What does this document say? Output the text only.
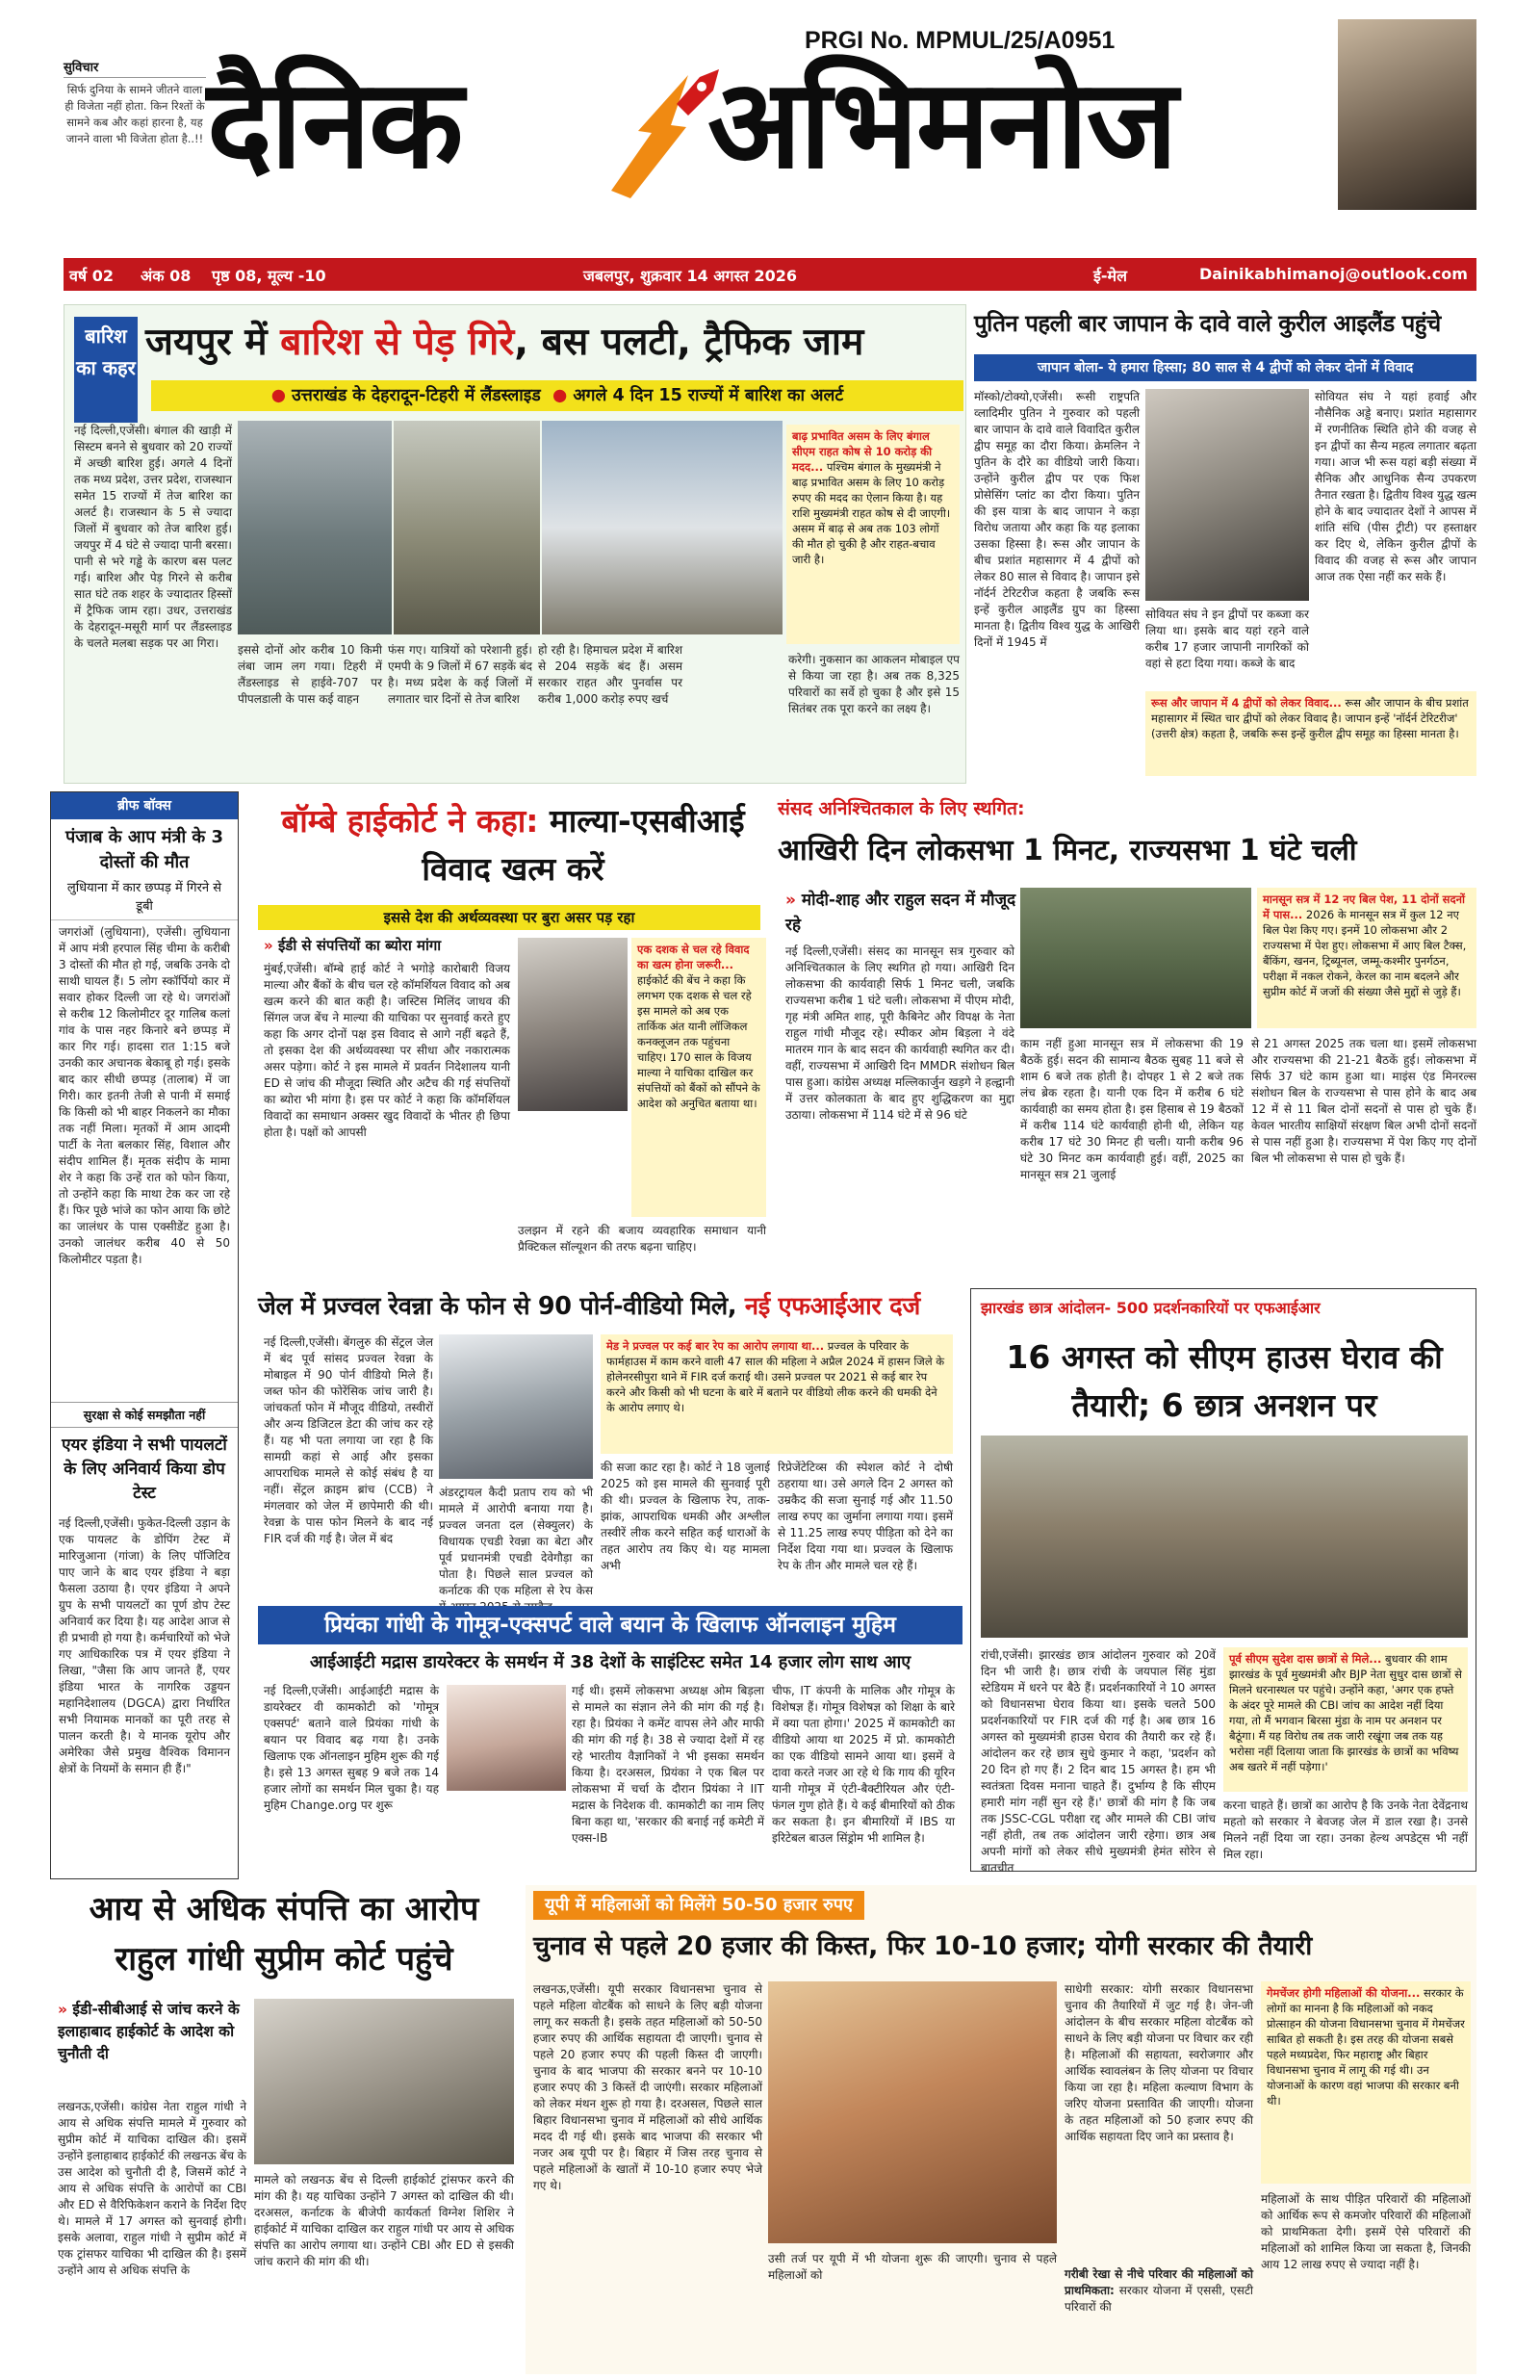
सुविचार
सिर्फ दुनिया के सामने जीतने वाला ही विजेता नहीं होता. किन रिश्तों के सामने कब और कहां हारना है, यह जानने वाला भी विजेता होता है..!!
PRGI No. MPMUL/25/A0951
दैनिक अभिमनोज
वर्ष 02 अंक 08 पृष्ठ 08, मूल्य -10	जबलपुर, शुक्रवार 14 अगस्त 2026	ई-मेल	Dainikabhimanoj@outlook.com
बारिश का कहर
जयपुर में बारिश से पेड़ गिरे, बस पलटी, ट्रैफिक जाम
● उत्तराखंड के देहरादून-टिहरी में लैंडस्लाइड ● अगले 4 दिन 15 राज्यों में बारिश का अलर्ट
नई दिल्ली,एजेंसी। बंगाल की खाड़ी में सिस्टम बनने से बुधवार को 20 राज्यों में अच्छी बारिश हुई। अगले 4 दिनों तक मध्य प्रदेश, उत्तर प्रदेश, राजस्थान समेत 15 राज्यों में तेज बारिश का अलर्ट है। राजस्थान के 5 से ज्यादा जिलों में बुधवार को तेज बारिश हुई। जयपुर में 4 घंटे से ज्यादा पानी बरसा। पानी से भरे गड्ढे के कारण बस पलट गई। बारिश और पेड़ गिरने से करीब सात घंटे तक शहर के ज्यादातर हिस्सों में ट्रैफिक जाम रहा। उधर, उत्तराखंड के देहरादून-मसूरी मार्ग पर लैंडस्लाइड के चलते मलबा सड़क पर आ गिरा।	इससे दोनों ओर करीब 10 किमी लंबा जाम लग गया। टिहरी में लैंडस्लाइड से हाईवे-707 पर पीपलडाली के पास कई वाहन
फंस गए। यात्रियों को परेशानी हुई। एमपी के 9 जिलों में 67 सड़कें बंद है। मध्य प्रदेश के कई जिलों में लगातार चार दिनों से तेज बारिश
हो रही है। हिमाचल प्रदेश में बारिश से 204 सड़कें बंद हैं। असम सरकार राहत और पुनर्वास पर करीब 1,000 करोड़ रुपए खर्च
बाढ़ प्रभावित असम के लिए बंगाल सीएम राहत कोष से 10 करोड़ की मदद... पश्चिम बंगाल के मुख्यमंत्री ने बाढ़ प्रभावित असम के लिए 10 करोड़ रुपए की मदद का ऐलान किया है। यह राशि मुख्यमंत्री राहत कोष से दी जाएगी। असम में बाढ़ से अब तक 103 लोगों की मौत हो चुकी है और राहत-बचाव जारी है।
करेगी। नुकसान का आकलन मोबाइल एप से किया जा रहा है। अब तक 8,325 परिवारों का सर्वे हो चुका है और इसे 15 सितंबर तक पूरा करने का लक्ष्य है।
पुतिन पहली बार जापान के दावे वाले कुरील आइलैंड पहुंचे
जापान बोला- ये हमारा हिस्सा; 80 साल से 4 द्वीपों को लेकर दोनों में विवाद
मॉस्को/टोक्यो,एजेंसी। रूसी राष्ट्रपति व्लादिमीर पुतिन ने गुरुवार को पहली बार जापान के दावे वाले विवादित कुरील द्वीप समूह का दौरा किया। क्रेमलिन ने पुतिन के दौरे का वीडियो जारी किया। उन्होंने कुरील द्वीप पर एक फिश प्रोसेसिंग प्लांट का दौरा किया। पुतिन की इस यात्रा के बाद जापान ने कड़ा विरोध जताया और कहा कि यह इलाका उसका हिस्सा है। रूस और जापान के बीच प्रशांत महासागर में 4 द्वीपों को लेकर 80 साल से विवाद है। जापान इसे नॉर्दर्न टेरिटरीज कहता है जबकि रूस इन्हें कुरील आइलैंड ग्रुप का हिस्सा मानता है। द्वितीय विश्व युद्ध के आखिरी दिनों में 1945 में
सोवियत संघ ने इन द्वीपों पर कब्जा कर लिया था। इसके बाद यहां रहने वाले करीब 17 हजार जापानी नागरिकों को वहां से हटा दिया गया। कब्जे के बाद
सोवियत संघ ने यहां हवाई और नौसैनिक अड्डे बनाए। प्रशांत महासागर में रणनीतिक स्थिति होने की वजह से इन द्वीपों का सैन्य महत्व लगातार बढ़ता गया। आज भी रूस यहां बड़ी संख्या में सैनिक और आधुनिक सैन्य उपकरण तैनात रखता है। द्वितीय विश्व युद्ध खत्म होने के बाद ज्यादातर देशों ने आपस में शांति संधि (पीस ट्रीटी) पर हस्ताक्षर कर दिए थे, लेकिन कुरील द्वीपों के विवाद की वजह से रूस और जापान आज तक ऐसा नहीं कर सके हैं।
रूस और जापान में 4 द्वीपों को लेकर विवाद... रूस और जापान के बीच प्रशांत महासागर में स्थित चार द्वीपों को लेकर विवाद है। जापान इन्हें 'नॉर्दर्न टेरिटरीज' (उत्तरी क्षेत्र) कहता है, जबकि रूस इन्हें कुरील द्वीप समूह का हिस्सा मानता है।
ब्रीफ बॉक्स
पंजाब के आप मंत्री के 3 दोस्तों की मौत
लुधियाना में कार छप्पड़ में गिरने से डूबी
जगरांओं (लुधियाना), एजेंसी। लुधियाना में आप मंत्री हरपाल सिंह चीमा के करीबी 3 दोस्तों की मौत हो गई, जबकि उनके दो साथी घायल हैं। 5 लोग स्कॉर्पियो कार में सवार होकर दिल्ली जा रहे थे। जगरांओं से करीब 12 किलोमीटर दूर गालिब कलां गांव के पास नहर किनारे बने छप्पड़ में कार गिर गई। हादसा रात 1:15 बजे उनकी कार अचानक बेकाबू हो गई। इसके बाद कार सीधी छप्पड़ (तालाब) में जा गिरी। कार इतनी तेजी से पानी में समाई कि किसी को भी बाहर निकलने का मौका तक नहीं मिला। मृतकों में आम आदमी पार्टी के नेता बलकार सिंह, विशाल और संदीप शामिल हैं। मृतक संदीप के मामा शेर ने कहा कि उन्हें रात को फोन किया, तो उन्होंने कहा कि माथा टेक कर जा रहे हैं। फिर पूछे भांजे का फोन आया कि छोटे का जालंधर के पास एक्सीडेंट हुआ है। उनको जालंधर करीब 40 से 50 किलोमीटर पड़ता है।
सुरक्षा से कोई समझौता नहीं
एयर इंडिया ने सभी पायलटों के लिए अनिवार्य किया डोप टेस्ट
नई दिल्ली,एजेंसी। फुकेत-दिल्ली उड़ान के एक पायलट के डोपिंग टेस्ट में मारिजुआना (गांजा) के लिए पॉजिटिव पाए जाने के बाद एयर इंडिया ने बड़ा फैसला उठाया है। एयर इंडिया ने अपने ग्रुप के सभी पायलटों का पूर्ण डोप टेस्ट अनिवार्य कर दिया है। यह आदेश आज से ही प्रभावी हो गया है। कर्मचारियों को भेजे गए आधिकारिक पत्र में एयर इंडिया ने लिखा, "जैसा कि आप जानते हैं, एयर इंडिया भारत के नागरिक उड्डयन महानिदेशालय (DGCA) द्वारा निर्धारित सभी नियामक मानकों का पूरी तरह से पालन करती है। ये मानक यूरोप और अमेरिका जैसे प्रमुख वैश्विक विमानन क्षेत्रों के नियमों के समान ही हैं।"
बॉम्बे हाईकोर्ट ने कहा: माल्या-एसबीआई विवाद खत्म करें
इससे देश की अर्थव्यवस्था पर बुरा असर पड़ रहा
» ईडी से संपत्तियों का ब्योरा मांगा
मुंबई,एजेंसी। बॉम्बे हाई कोर्ट ने भगोड़े कारोबारी विजय माल्या और बैंकों के बीच चल रहे कॉमर्शियल विवाद को अब खत्म करने की बात कही है। जस्टिस मिलिंद जाधव की सिंगल जज बेंच ने माल्या की याचिका पर सुनवाई करते हुए कहा कि अगर दोनों पक्ष इस विवाद से आगे नहीं बढ़ते हैं, तो इसका देश की अर्थव्यवस्था पर सीधा और नकारात्मक असर पड़ेगा। कोर्ट ने इस मामले में प्रवर्तन निदेशालय यानी ED से जांच की मौजूदा स्थिति और अटैच की गई संपत्तियों का ब्योरा भी मांगा है। इस पर कोर्ट ने कहा कि कॉमर्शियल विवादों का समाधान अक्सर खुद विवादों के भीतर ही छिपा होता है। पक्षों को आपसी
एक दशक से चल रहे विवाद का खत्म होना जरूरी... हाईकोर्ट की बेंच ने कहा कि लगभग एक दशक से चल रहे इस मामले को अब एक तार्किक अंत यानी लॉजिकल कनक्लूजन तक पहुंचना चाहिए। 170 साल के विजय माल्या ने याचिका दाखिल कर संपत्तियों को बैंकों को सौंपने के आदेश को अनुचित बताया था।
उलझन में रहने की बजाय व्यवहारिक समाधान यानी प्रैक्टिकल सॉल्यूशन की तरफ बढ़ना चाहिए।
संसद अनिश्चितकाल के लिए स्थगित:
आखिरी दिन लोकसभा 1 मिनट, राज्यसभा 1 घंटे चली
» मोदी-शाह और राहुल सदन में मौजूद रहे
नई दिल्ली,एजेंसी। संसद का मानसून सत्र गुरुवार को अनिश्चितकाल के लिए स्थगित हो गया। आखिरी दिन लोकसभा की कार्यवाही सिर्फ 1 मिनट चली, जबकि राज्यसभा करीब 1 घंटे चली। लोकसभा में पीएम मोदी, गृह मंत्री अमित शाह, पूरी कैबिनेट और विपक्ष के नेता राहुल गांधी मौजूद रहे। स्पीकर ओम बिड़ला ने वंदे मातरम गान के बाद सदन की कार्यवाही स्थगित कर दी। वहीं, राज्यसभा में आखिरी दिन MMDR संशोधन बिल पास हुआ। कांग्रेस अध्यक्ष मल्लिकार्जुन खड़गे ने हल्द्वानी में उत्तर कोलकाता के बाद हुए शुद्धिकरण का मुद्दा उठाया। लोकसभा में 114 घंटे में से 96 घंटे
मानसून सत्र में 12 नए बिल पेश, 11 दोनों सदनों में पास... 2026 के मानसून सत्र में कुल 12 नए बिल पेश किए गए। इनमें 10 लोकसभा और 2 राज्यसभा में पेश हुए। लोकसभा में आए बिल टैक्स, बैंकिंग, खनन, ट्रिब्यूनल, जम्मू-कश्मीर पुनर्गठन, परीक्षा में नकल रोकने, केरल का नाम बदलने और सुप्रीम कोर्ट में जजों की संख्या जैसे मुद्दों से जुड़े हैं।
काम नहीं हुआ मानसून सत्र में लोकसभा की 19 बैठकें हुई। सदन की सामान्य बैठक सुबह 11 बजे से शाम 6 बजे तक होती है। दोपहर 1 से 2 बजे तक लंच ब्रेक रहता है। यानी एक दिन में करीब 6 घंटे कार्यवाही का समय होता है। इस हिसाब से 19 बैठकों में करीब 114 घंटे कार्यवाही होनी थी, लेकिन यह करीब 17 घंटे 30 मिनट ही चली। यानी करीब 96 घंटे 30 मिनट कम कार्यवाही हुई। वहीं, 2025 का मानसून सत्र 21 जुलाई
से 21 अगस्त 2025 तक चला था। इसमें लोकसभा और राज्यसभा की 21-21 बैठकें हुई। लोकसभा में सिर्फ 37 घंटे काम हुआ था। माइंस एंड मिनरल्स संशोधन बिल के राज्यसभा से पास होने के बाद अब 12 में से 11 बिल दोनों सदनों से पास हो चुके हैं। केवल भारतीय साक्षियों संरक्षण बिल अभी दोनों सदनों से पास नहीं हुआ है। राज्यसभा में पेश किए गए दोनों बिल भी लोकसभा से पास हो चुके हैं।
जेल में प्रज्वल रेवन्ना के फोन से 90 पोर्न-वीडियो मिले, नई एफआईआर दर्ज
नई दिल्ली,एजेंसी। बेंगलुरु की सेंट्रल जेल में बंद पूर्व सांसद प्रज्वल रेवन्ना के मोबाइल में 90 पोर्न वीडियो मिले हैं। जब्त फोन की फोरेंसिक जांच जारी है। जांचकर्ता फोन में मौजूद वीडियो, तस्वीरों और अन्य डिजिटल डेटा की जांच कर रहे हैं। यह भी पता लगाया जा रहा है कि सामग्री कहां से आई और इसका आपराधिक मामले से कोई संबंध है या नहीं। सेंट्रल क्राइम ब्रांच (CCB) ने मंगलवार को जेल में छापेमारी की थी। रेवन्ना के पास फोन मिलने के बाद नई FIR दर्ज की गई है। जेल में बंद
अंडरट्रायल कैदी प्रताप राय को भी मामले में आरोपी बनाया गया है। प्रज्वल जनता दल (सेक्युलर) के विधायक एचडी रेवन्ना का बेटा और पूर्व प्रधानमंत्री एचडी देवेगौड़ा का पोता है। पिछले साल प्रज्वल को कर्नाटक की एक महिला से रेप केस
मेड ने प्रज्वल पर कई बार रेप का आरोप लगाया था... प्रज्वल के परिवार के फार्महाउस में काम करने वाली 47 साल की महिला ने अप्रैल 2024 में हासन जिले के होलेनरसीपुरा थाने में FIR दर्ज कराई थी। उसने प्रज्वल पर 2021 से कई बार रेप करने और किसी को भी घटना के बारे में बताने पर वीडियो लीक करने की धमकी देने के आरोप लगाए थे।
की सजा काट रहा है। कोर्ट ने 18 जुलाई 2025 को इस मामले की सुनवाई पूरी की थी। प्रज्वल के खिलाफ रेप, ताक-झांक, आपराधिक धमकी और अश्लील तस्वीरें लीक करने सहित कई धाराओं के तहत आरोप तय किए थे। यह मामला अभी
रिप्रेजेंटेटिव्स की स्पेशल कोर्ट ने दोषी ठहराया था। उसे अगले दिन 2 अगस्त को उम्रकैद की सजा सुनाई गई और 11.50 लाख रुपए का जुर्माना लगाया गया। इसमें से 11.25 लाख रुपए पीड़िता को देने का निर्देश दिया गया था। प्रज्वल के खिलाफ रेप के तीन और मामले चल रहे हैं।
झारखंड छात्र आंदोलन- 500 प्रदर्शनकारियों पर एफआईआर
16 अगस्त को सीएम हाउस घेराव की तैयारी; 6 छात्र अनशन पर
रांची,एजेंसी। झारखंड छात्र आंदोलन गुरुवार को 20वें दिन भी जारी है। छात्र रांची के जयपाल सिंह मुंडा स्टेडियम में धरने पर बैठे हैं। प्रदर्शनकारियों ने 10 अगस्त को विधानसभा घेराव किया था। इसके चलते 500 प्रदर्शनकारियों पर FIR दर्ज की गई है। अब छात्र 16 अगस्त को मुख्यमंत्री हाउस घेराव की तैयारी कर रहे हैं। आंदोलन कर रहे छात्र सुधे कुमार ने कहा, 'प्रदर्शन को 20 दिन हो गए हैं। 2 दिन बाद 15 अगस्त है। हम भी स्वतंत्रता दिवस मनाना चाहते हैं। दुर्भाग्य है कि सीएम हमारी मांग नहीं सुन रहे हैं।' छात्रों की मांग है कि जब तक JSSC-CGL परीक्षा रद्द और मामले की CBI जांच नहीं होती, तब तक आंदोलन जारी रहेगा। छात्र अब अपनी मांगों को लेकर सीधे मुख्यमंत्री हेमंत सोरेन से बातचीत
पूर्व सीएम सुदेश दास छात्रों से मिले... बुधवार की शाम झारखंड के पूर्व मुख्यमंत्री और BJP नेता सुधुर दास छात्रों से मिलने धरनास्थल पर पहुंचे। उन्होंने कहा, 'अगर एक हफ्ते के अंदर पूरे मामले की CBI जांच का आदेश नहीं दिया गया, तो मैं भगवान बिरसा मुंडा के नाम पर अनशन पर बैठूंगा। मैं यह विरोध तब तक जारी रखूंगा जब तक यह भरोसा नहीं दिलाया जाता कि झारखंड के छात्रों का भविष्य अब खतरे में नहीं पड़ेगा।'
करना चाहते हैं। छात्रों का आरोप है कि उनके नेता देवेंद्रनाथ महतो को सरकार ने बेवजह जेल में डाल रखा है। उनसे मिलने नहीं दिया जा रहा। उनका हेल्थ अपडेट्स भी नहीं मिल रहा।
प्रियंका गांधी के गोमूत्र-एक्सपर्ट वाले बयान के खिलाफ ऑनलाइन मुहिम
आईआईटी मद्रास डायरेक्टर के समर्थन में 38 देशों के साइंटिस्ट समेत 14 हजार लोग साथ आए
नई दिल्ली,एजेंसी। आईआईटी मद्रास के डायरेक्टर वी कामकोटी को 'गोमूत्र एक्सपर्ट' बताने वाले प्रियंका गांधी के बयान पर विवाद बढ़ गया है। उनके खिलाफ एक ऑनलाइन मुहिम शुरू की गई है। इसे 13 अगस्त सुबह 9 बजे तक 14 हजार लोगों का समर्थन मिल चुका है। यह मुहिम Change.org पर शुरू
गई थी। इसमें लोकसभा अध्यक्ष ओम बिड़ला से मामले का संज्ञान लेने की मांग की गई है। रहा है। प्रियंका ने कमेंट वापस लेने और माफी की मांग की गई है। 38 से ज्यादा देशों में रह रहे भारतीय वैज्ञानिकों ने भी इसका समर्थन किया है। दरअसल, प्रियंका ने एक बिल पर लोकसभा में चर्चा के दौरान प्रियंका ने IIT मद्रास के निदेशक वी. कामकोटी का नाम लिए बिना कहा था, 'सरकार की बनाई नई कमेटी में एक्स-IB
चीफ, IT कंपनी के मालिक और गोमूत्र के विशेषज्ञ हैं। गोमूत्र विशेषज्ञ को शिक्षा के बारे में क्या पता होगा।' 2025 में कामकोटी का वीडियो आया था 2025 में प्रो. कामकोटी का एक वीडियो सामने आया था। इसमें वे दावा करते नजर आ रहे थे कि गाय की यूरिन यानी गोमूत्र में एंटी-बैक्टीरियल और एंटी-फंगल गुण होते हैं। ये कई बीमारियों को ठीक कर सकता है। इन बीमारियों में IBS या इरिटेबल बाउल सिंड्रोम भी शामिल है।
आय से अधिक संपत्ति का आरोप
राहुल गांधी सुप्रीम कोर्ट पहुंचे
» ईडी-सीबीआई से जांच करने के इलाहाबाद हाईकोर्ट के आदेश को चुनौती दी
लखनऊ,एजेंसी। कांग्रेस नेता राहुल गांधी ने आय से अधिक संपत्ति मामले में गुरुवार को सुप्रीम कोर्ट में याचिका दाखिल की। इसमें उन्होंने इलाहाबाद हाईकोर्ट की लखनऊ बेंच के उस आदेश को चुनौती दी है, जिसमें कोर्ट ने आय से अधिक संपत्ति के आरोपों का CBI और ED से वैरिफिकेशन कराने के निर्देश दिए थे। मामले में 17 अगस्त को सुनवाई होगी। इसके अलावा, राहुल गांधी ने सुप्रीम कोर्ट में एक ट्रांसफर याचिका भी दाखिल की है। इसमें उन्होंने आय से अधिक संपत्ति के
मामले को लखनऊ बेंच से दिल्ली हाईकोर्ट ट्रांसफर करने की मांग की है। यह याचिका उन्होंने 7 अगस्त को दाखिल की थी। दरअसल, कर्नाटक के बीजेपी कार्यकर्ता विग्नेश शिशिर ने हाईकोर्ट में याचिका दाखिल कर राहुल गांधी पर आय से अधिक संपत्ति का आरोप लगाया था। उन्होंने CBI और ED से इसकी जांच कराने की मांग की थी।
यूपी में महिलाओं को मिलेंगे 50-50 हजार रुपए
चुनाव से पहले 20 हजार की किस्त, फिर 10-10 हजार; योगी सरकार की तैयारी
लखनऊ,एजेंसी। यूपी सरकार विधानसभा चुनाव से पहले महिला वोटबैंक को साधने के लिए बड़ी योजना लागू कर सकती है। इसके तहत महिलाओं को 50-50 हजार रुपए की आर्थिक सहायता दी जाएगी। चुनाव से पहले 20 हजार रुपए की पहली किस्त दी जाएगी। चुनाव के बाद भाजपा की सरकार बनने पर 10-10 हजार रुपए की 3 किस्तें दी जाएंगी। सरकार महिलाओं को लेकर मंथन शुरू हो गया है। दरअसल, पिछले साल बिहार विधानसभा चुनाव में महिलाओं को सीधे आर्थिक मदद दी गई थी। इसके बाद भाजपा की सरकार भी नजर अब यूपी पर है। बिहार में जिस तरह चुनाव से पहले महिलाओं के खातों में 10-10 हजार रुपए भेजे गए थे।
उसी तर्ज पर यूपी में भी योजना शुरू की जाएगी। चुनाव से पहले महिलाओं को
साधेगी सरकार: योगी सरकार विधानसभा चुनाव की तैयारियों में जुट गई है। जेन-जी आंदोलन के बीच सरकार महिला वोटबैंक को साधने के लिए बड़ी योजना पर विचार कर रही है। महिलाओं की सहायता, स्वरोजगार और आर्थिक स्वावलंबन के लिए योजना पर विचार किया जा रहा है। महिला कल्याण विभाग के जरिए योजना प्रस्तावित की जाएगी। योजना के तहत महिलाओं को 50 हजार रुपए की आर्थिक सहायता दिए जाने का प्रस्ताव है।
गरीबी रेखा से नीचे परिवार की महिलाओं को प्राथमिकता: सरकार योजना में एससी, एसटी परिवारों की
गेमचेंजर होगी महिलाओं की योजना... सरकार के लोगों का मानना है कि महिलाओं को नकद प्रोत्साहन की योजना विधानसभा चुनाव में गेमचेंजर साबित हो सकती है। इस तरह की योजना सबसे पहले मध्यप्रदेश, फिर महाराष्ट्र और बिहार विधानसभा चुनाव में लागू की गई थी। उन योजनाओं के कारण वहां भाजपा की सरकार बनी थी।
महिलाओं के साथ पीड़ित परिवारों की महिलाओं को आर्थिक रूप से कमजोर परिवारों की महिलाओं को प्राथमिकता देगी। इसमें ऐसे परिवारों की महिलाओं को शामिल किया जा सकता है, जिनकी आय 12 लाख रुपए से ज्यादा नहीं है।
